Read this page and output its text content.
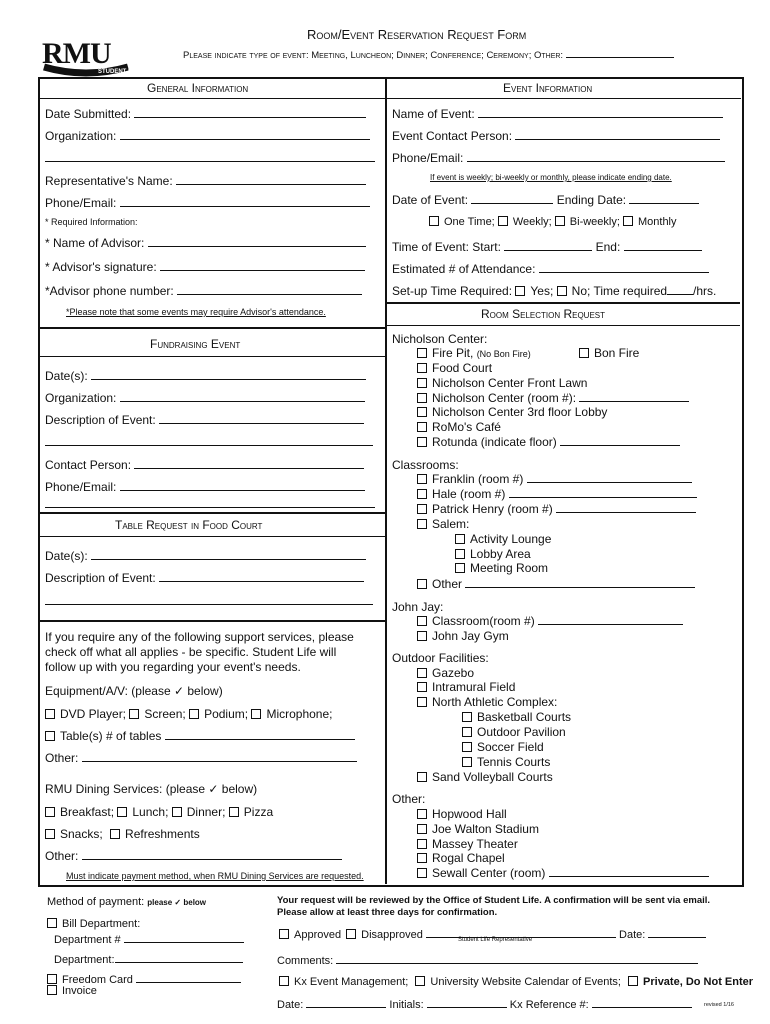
RMU
STUDENT LIFE
Room/Event Reservation Request Form
Please indicate type of event: Meeting, Luncheon; Dinner; Conference; Ceremony; Other:
General Information
Date Submitted:
Organization:
Representative's Name:
Phone/Email:
* Required Information:
* Name of Advisor:
* Advisor's signature:
*Advisor phone number:
*Please note that some events may require Advisor's attendance.
Fundraising Event
Date(s):
Organization:
Description of Event:
Contact Person:
Phone/Email:
Table Request in Food Court
Date(s):
Description of Event:
If you require any of the following support services, please
check off what all applies - be specific. Student Life will
follow up with you regarding your event's needs.
Equipment/A/V: (please ✓ below)
DVD Player; Screen; Podium; Microphone;
Table(s) # of tables
Other:
RMU Dining Services: (please ✓ below)
Breakfast; Lunch; Dinner; Pizza
Snacks; Refreshments
Other:
Must indicate payment method, when RMU Dining Services are requested.
Event Information
Name of Event:
Event Contact Person:
Phone/Email:
If event is weekly; bi-weekly or monthly, please indicate ending date.
Date of Event:	Ending Date:
One Time; Weekly; Bi-weekly; Monthly
Time of Event: Start:	End:
Estimated # of Attendance:
Set-up Time Required: Yes; No; Time required /hrs.
Room Selection Request
Nicholson Center:
Fire Pit, (No Bon Fire)	Bon Fire
Food Court
Nicholson Center Front Lawn
Nicholson Center (room #):
Nicholson Center 3rd floor Lobby
RoMo's Café
Rotunda (indicate floor)
Classrooms:
Franklin (room #)
Hale (room #)
Patrick Henry (room #)
Salem:
Activity Lounge
Lobby Area
Meeting Room
Other
John Jay:
Classroom(room #)
John Jay Gym
Outdoor Facilities:
Gazebo
Intramural Field
North Athletic Complex:
Basketball Courts
Outdoor Pavilion
Soccer Field
Tennis Courts
Sand Volleyball Courts
Other:
Hopwood Hall
Joe Walton Stadium
Massey Theater
Rogal Chapel
Sewall Center (room)
Method of payment: please ✓ below
Bill Department:
Department #
Department:
Freedom Card
Invoice
Your request will be reviewed by the Office of Student Life. A confirmation will be sent via email.
Please allow at least three days for confirmation.
Approved Disapproved	Date:
Student Life Representative
Comments:
Kx Event Management; University Website Calendar of Events; Private, Do Not Enter
Date:	Initials:	Kx Reference #:	revised 1/16
